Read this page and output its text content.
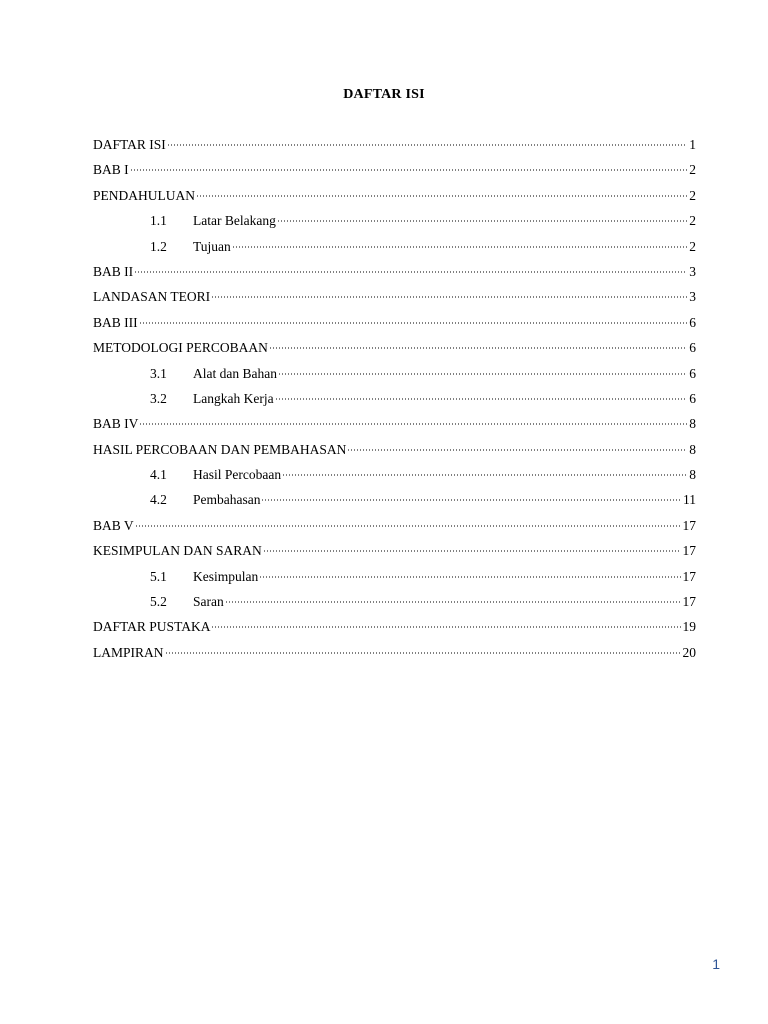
DAFTAR ISI
DAFTAR ISI	1
BAB I	2
PENDAHULUAN	2
1.1	Latar Belakang	2
1.2	Tujuan	2
BAB II	3
LANDASAN TEORI	3
BAB III	6
METODOLOGI PERCOBAAN	6
3.1	Alat dan Bahan	6
3.2	Langkah Kerja	6
BAB IV	8
HASIL PERCOBAAN DAN PEMBAHASAN	8
4.1	Hasil Percobaan	8
4.2	Pembahasan	11
BAB V	17
KESIMPULAN DAN SARAN	17
5.1	Kesimpulan	17
5.2	Saran	17
DAFTAR PUSTAKA	19
LAMPIRAN	20
1
